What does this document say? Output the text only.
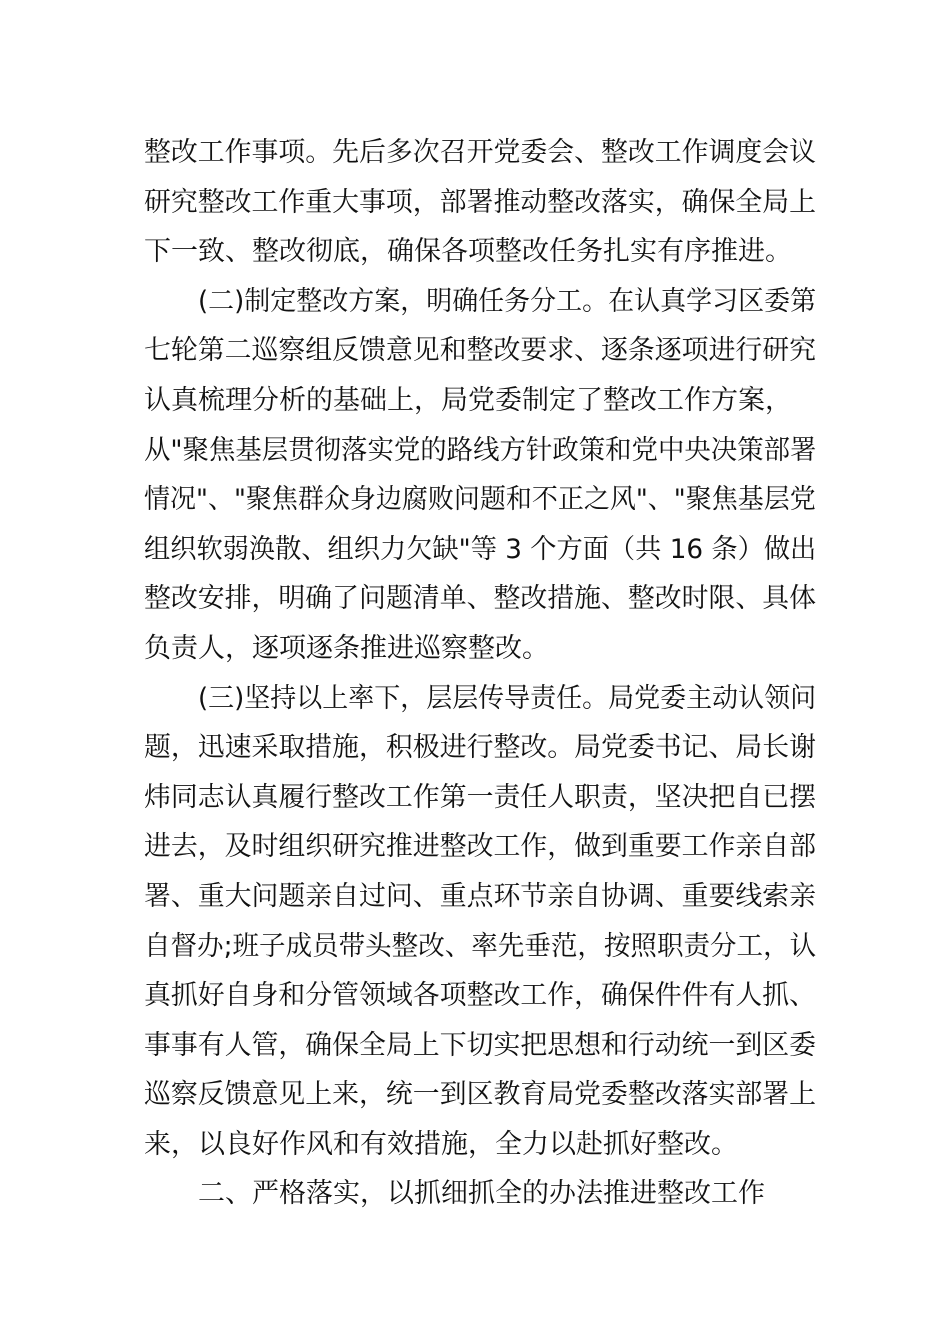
整改工作事项。先后多次召开党委会、整改工作调度会议
研究整改工作重大事项，部署推动整改落实，确保全局上
下一致、整改彻底，确保各项整改任务扎实有序推进。
(二)制定整改方案，明确任务分工。在认真学习区委第
七轮第二巡察组反馈意见和整改要求、逐条逐项进行研究
认真梳理分析的基础上，局党委制定了整改工作方案，
从"聚焦基层贯彻落实党的路线方针政策和党中央决策部署
情况"、"聚焦群众身边腐败问题和不正之风"、"聚焦基层党
组织软弱涣散、组织力欠缺"等 3 个方面（共 16 条）做出
整改安排，明确了问题清单、整改措施、整改时限、具体
负责人，逐项逐条推进巡察整改。
(三)坚持以上率下，层层传导责任。局党委主动认领问
题，迅速采取措施，积极进行整改。局党委书记、局长谢
炜同志认真履行整改工作第一责任人职责，坚决把自已摆
进去，及时组织研究推进整改工作，做到重要工作亲自部
署、重大问题亲自过问、重点环节亲自协调、重要线索亲
自督办;班子成员带头整改、率先垂范，按照职责分工，认
真抓好自身和分管领域各项整改工作，确保件件有人抓、
事事有人管，确保全局上下切实把思想和行动统一到区委
巡察反馈意见上来，统一到区教育局党委整改落实部署上
来，以良好作风和有效措施，全力以赴抓好整改。
二、严格落实，以抓细抓全的办法推进整改工作
